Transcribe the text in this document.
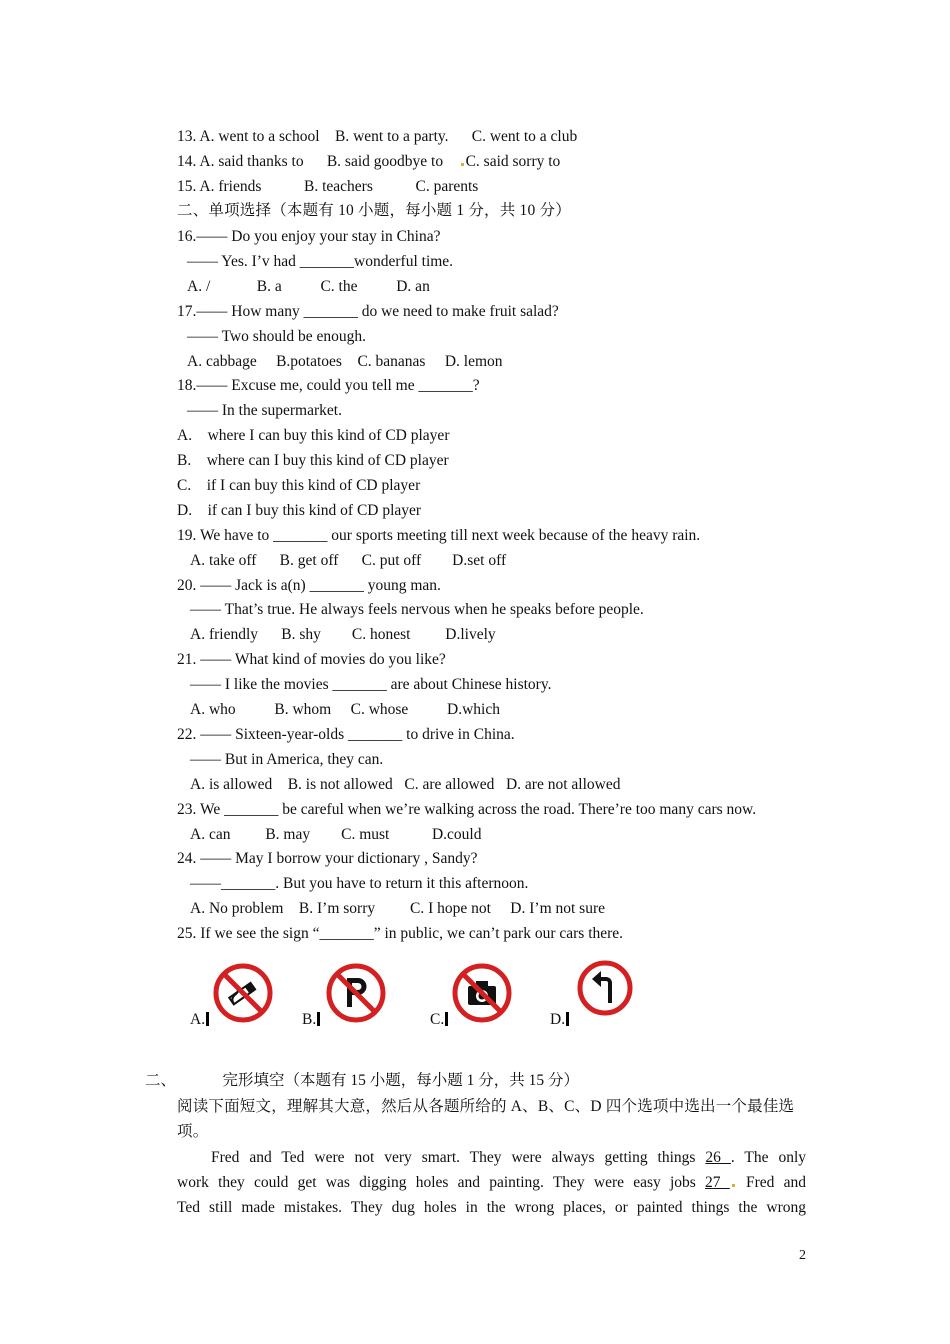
13. A. went to a school    B. went to a party.      C. went to a club
14. A. said thanks to      B. said goodbye to    C. said sorry to
15. A. friends           B. teachers           C. parents
二、单项选择（本题有 10 小题，每小题 1 分，共 10 分）
16.—— Do you enjoy your stay in China?
—— Yes. I’v had _______wonderful time.
A. /            B. a          C. the          D. an
17.—— How many _______ do we need to make fruit salad?
—— Two should be enough.
A. cabbage     B.potatoes    C. bananas     D. lemon
18.—— Excuse me, could you tell me _______?
—— In the supermarket.
A.    where I can buy this kind of CD player
B.    where can I buy this kind of CD player
C.    if I can buy this kind of CD player
D.    if can I buy this kind of CD player
19. We have to _______ our sports meeting till next week because of the heavy rain.
A. take off      B. get off      C. put off        D.set off
20. —— Jack is a(n) _______ young man.
—— That’s true. He always feels nervous when he speaks before people.
A. friendly      B. shy        C. honest         D.lively
21. —— What kind of movies do you like?
—— I like the movies _______ are about Chinese history.
A. who          B. whom     C. whose          D.which
22. —— Sixteen-year-olds _______ to drive in China.
—— But in America, they can.
A. is allowed    B. is not allowed   C. are allowed   D. are not allowed
23. We _______ be careful when we’re walking across the road. There’re too many cars now.
A. can         B. may        C. must           D.could
24. —— May I borrow your dictionary , Sandy?
——_______. But you have to return it this afternoon.
A. No problem    B. I’m sorry         C. I hope not     D. I’m not sure
25. If we see the sign “_______” in public, we can’t park our cars there.
A.	B.	C.	D.
二、	完形填空（本题有 15 小题，每小题 1 分，共 15 分）
阅读下面短文，理解其大意，然后从各题所给的 A、B、C、D 四个选项中选出一个最佳选
项。
Fred and Ted were not very smart. They were always getting things 26 . The only
work they could get was digging holes and painting. They were easy jobs 27  Fred and
Ted still made mistakes. They dug holes in the wrong places, or painted things the wrong
2
